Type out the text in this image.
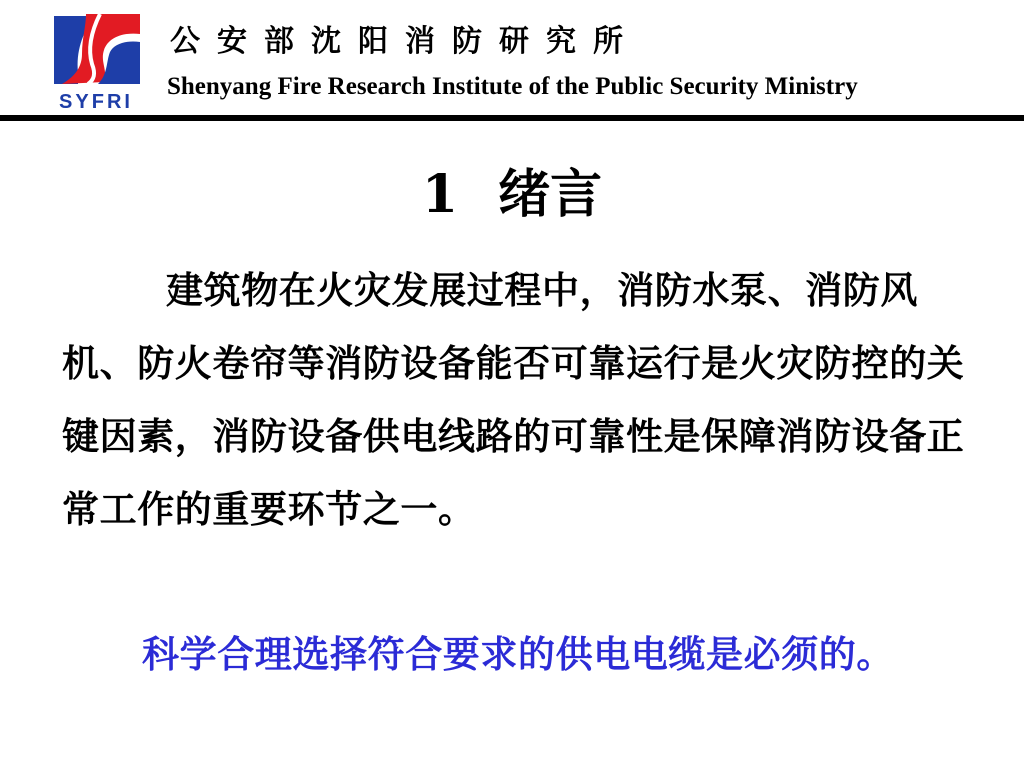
SYFRI
公安部沈阳消防研究所
Shenyang Fire Research Institute of the Public Security Ministry
1 绪言
建筑物在火灾发展过程中，消防水泵、消防风机、防火卷帘等消防设备能否可靠运行是火灾防控的关键因素，消防设备供电线路的可靠性是保障消防设备正常工作的重要环节之一。
科学合理选择符合要求的供电电缆是必须的。
